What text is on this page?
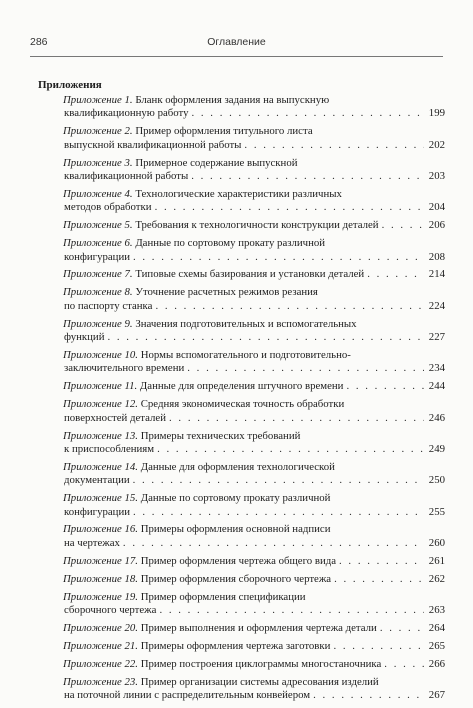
286	Оглавление
Приложения
Приложение 1. Бланк оформления задания на выпускную
квалификационную работу . . .	199
Приложение 2. Пример оформления титульного листа
выпускной квалификационной работы . . .	202
Приложение 3. Примерное содержание выпускной
квалификационной работы . . .	203
Приложение 4. Технологические характеристики различных
методов обработки . . .	204
Приложение 5. Требования к технологичности конструкции деталей . . .	206
Приложение 6. Данные по сортовому прокату различной
конфигурации . . .	208
Приложение 7. Типовые схемы базирования и установки деталей . . .	214
Приложение 8. Уточнение расчетных режимов резания
по паспорту станка . . .	224
Приложение 9. Значения подготовительных и вспомогательных
функций . . .	227
Приложение 10. Нормы вспомогательного и подготовительно-
заключительного времени . . .	234
Приложение 11. Данные для определения штучного времени . . .	244
Приложение 12. Средняя экономическая точность обработки
поверхностей деталей . . .	246
Приложение 13. Примеры технических требований
к приспособлениям . . .	249
Приложение 14. Данные для оформления технологической
документации . . .	250
Приложение 15. Данные по сортовому прокату различной
конфигурации . . .	255
Приложение 16. Примеры оформления основной надписи
на чертежах . . .	260
Приложение 17. Пример оформления чертежа общего вида . . .	261
Приложение 18. Пример оформления сборочного чертежа . . .	262
Приложение 19. Пример оформления спецификации
сборочного чертежа . . .	263
Приложение 20. Пример выполнения и оформления чертежа детали . . .	264
Приложение 21. Примеры оформления чертежа заготовки . . .	265
Приложение 22. Пример построения циклограммы многостаночника . . .	266
Приложение 23. Пример организации системы адресования изделий
на поточной линии с распределительным конвейером . . .	267
